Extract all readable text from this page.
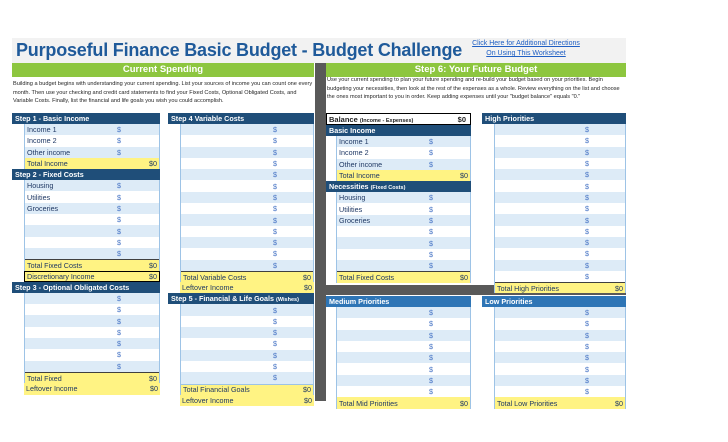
Purposeful Finance Basic Budget - Budget Challenge	Click Here for Additional Directions
On Using This Worksheet
Current Spending	Step 6: Your Future Budget
Building a budget begins with understanding your current spending. List your sources of income you can count one every month. Then use your checking and credit card statements to find your Fixed Costs, Optional Obligated Costs, and Variable Costs. Finally, list the financial and life goals you wish you could accomplish.
Use your current spending to plan your future spending and re-build your budget based on your priorities. Begin budgeting your necessities, then look at the rest of the expenses as a whole. Review everything on the list and choose the ones most important to you in order. Keep adding expenses until your "budget balance" equals "0."
Step 1 - Basic Income
Income 1	$
Income 2	$
Other income	$
Total Income	$0
Step 2 - Fixed Costs
Housing	$
Utilities	$
Groceries	$
$
$
$
$
Total Fixed Costs	$0
Discretionary Income	$0
Step 3 - Optional Obligated Costs
$
$
$
$
$
$
$
Total Fixed	$0
Leftover Income	$0
Step 4 Variable Costs
$
$
$
$
$
$
$
$
$
$
$
$
$
Total Variable Costs	$0
Leftover Income	$0
Step 5 - Financial & Life Goals (Wishes)
$
$
$
$
$
$
$
Total Financial Goals	$0
Leftover Income	$0
Balance (Income - Expenses)	$0
Basic Income
Income 1	$
Income 2	$
Other income	$
Total Income	$0
Necessities (Fixed Costs)
Housing	$
Utilities	$
Groceries	$
$
$
$
$
Total Fixed Costs	$0
High Priorities
$
$
$
$
$
$
$
$
$
$
$
$
$
$
Total High Priorities	$0
Medium Priorities
$
$
$
$
$
$
$
$
Total Mid Priorities	$0
Low Priorities
$
$
$
$
$
$
$
$
Total Low Priorities	$0
